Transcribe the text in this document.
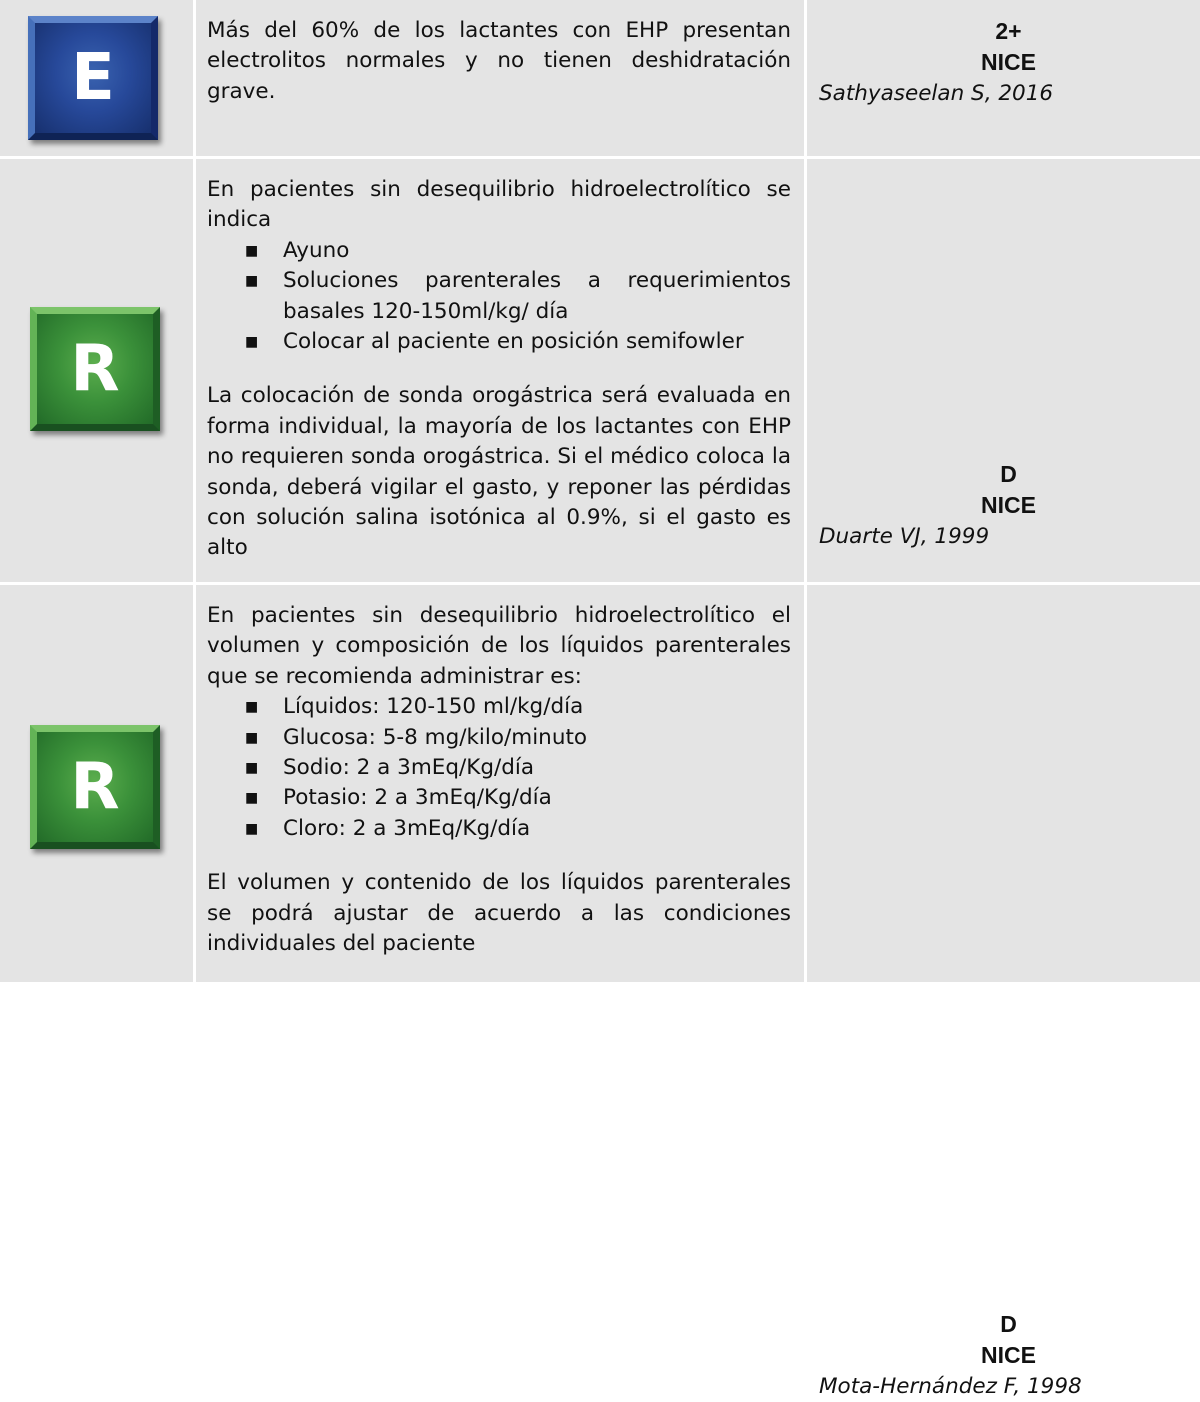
E

Más del 60% de los lactantes con EHP presentan electrolitos normales y no tienen deshidratación grave.

2+
NICE
Sathyaseelan S, 2016
R

En pacientes sin desequilibrio hidroelectrolítico se indica

■ Ayuno
■ Soluciones parenterales a requerimientos basales 120-150ml/kg/ día
■ Colocar al paciente en posición semifowler

La colocación de sonda orogástrica será evaluada en forma individual, la mayoría de los lactantes con EHP no requieren sonda orogástrica. Si el médico coloca la sonda, deberá vigilar el gasto, y reponer las pérdidas con solución salina isotónica al 0.9%, si el gasto es alto

D
NICE
Duarte VJ, 1999
R

En pacientes sin desequilibrio hidroelectrolítico el volumen y composición de los líquidos parenterales que se recomienda administrar es:

■ Líquidos: 120-150 ml/kg/día
■ Glucosa: 5-8 mg/kilo/minuto
■ Sodio: 2 a 3mEq/Kg/día
■ Potasio: 2 a 3mEq/Kg/día
■ Cloro: 2 a 3mEq/Kg/día

El volumen y contenido de los líquidos parenterales se podrá ajustar de acuerdo a las condiciones individuales del paciente

D
NICE
Mota-Hernández F, 1998
